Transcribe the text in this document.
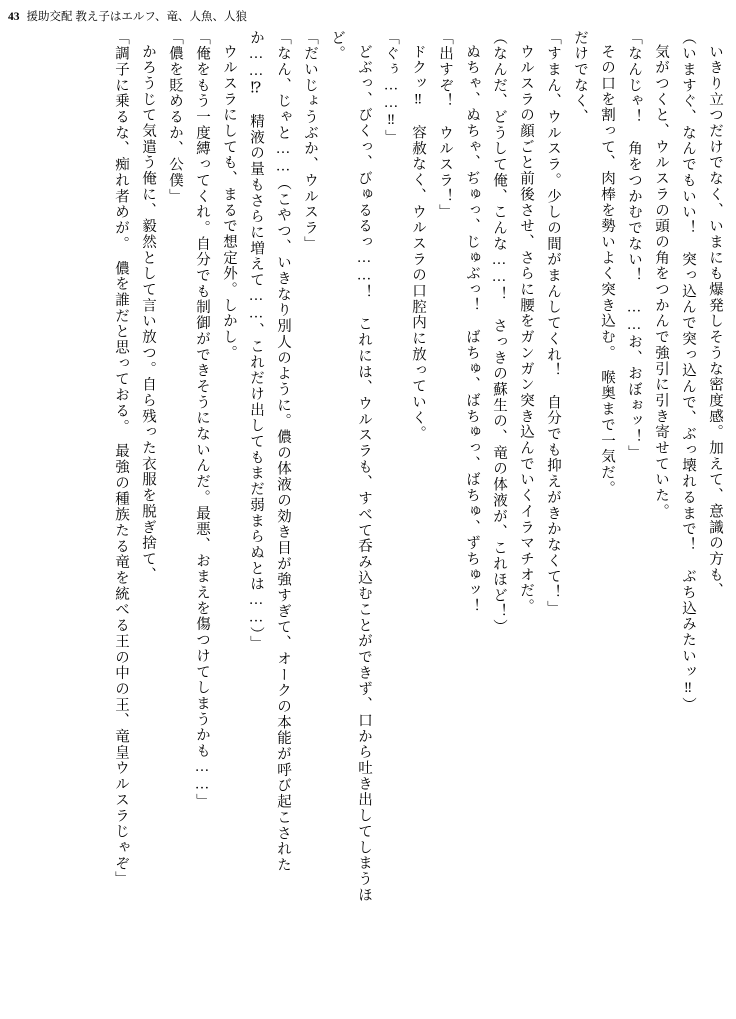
43 援助交配 教え子はエルフ、竜、人魚、人狼
いきり立つだけでなく、いまにも爆発しそうな密度感。加えて、意識の方も、
（いますぐ、なんでもいい！　突っ込んで突っ込んで、ぶっ壊れるまで！　ぶち込みたいッ‼）
気がつくと、ウルスラの頭の角をつかんで強引に引き寄せていた。
「なんじゃ！　角をつかむでない！　……お、おぼぉッ！」
その口を割って、肉棒を勢いよく突き込む。　喉奥まで一気だ。
だけでなく、
「すまん、ウルスラ。少しの間がまんしてくれ！　自分でも抑えがきかなくて！」
ウルスラの顔ごと前後させ、さらに腰をガンガン突き込んでいくイラマチオだ。
（なんだ、どうして俺、こんな……！　さっきの蘇生の、竜の体液が、これほど！）
ぬちゃ、ぬちゃ、ぢゅっ、じゅぶっ！　ばちゅ、ばちゅっ、ばちゅ、ずちゅッ！
「出すぞ！　ウルスラ！」
ドクッ‼　容赦なく、ウルスラの口腔内に放っていく。
「ぐぅ……‼」
どぶっ、びくっ、びゅるるっ……！　これには、ウルスラも、すべて呑み込むことができず、口から吐き出してしまうほ
ど。
「だいじょうぶか、ウルスラ」
「なん、じゃと……（こやつ、いきなり別人のように。儂の体液の効き目が強すぎて、オークの本能が呼び起こされた
か……⁉　精液の量もさらに増えて……、これだけ出してもまだ弱まらぬとは……）」
ウルスラにしても、まるで想定外。しかし。
「俺をもう一度縛ってくれ。自分でも制御ができそうにないんだ。最悪、おまえを傷つけてしまうかも……」
「儂を貶めるか、公僕」
かろうじて気遣う俺に、毅然として言い放つ。自ら残った衣服を脱ぎ捨て、
「調子に乗るな、痴れ者めが。　儂を誰だと思っておる。　最強の種族たる竜を統べる王の中の王、竜皇ウルスラじゃぞ」
